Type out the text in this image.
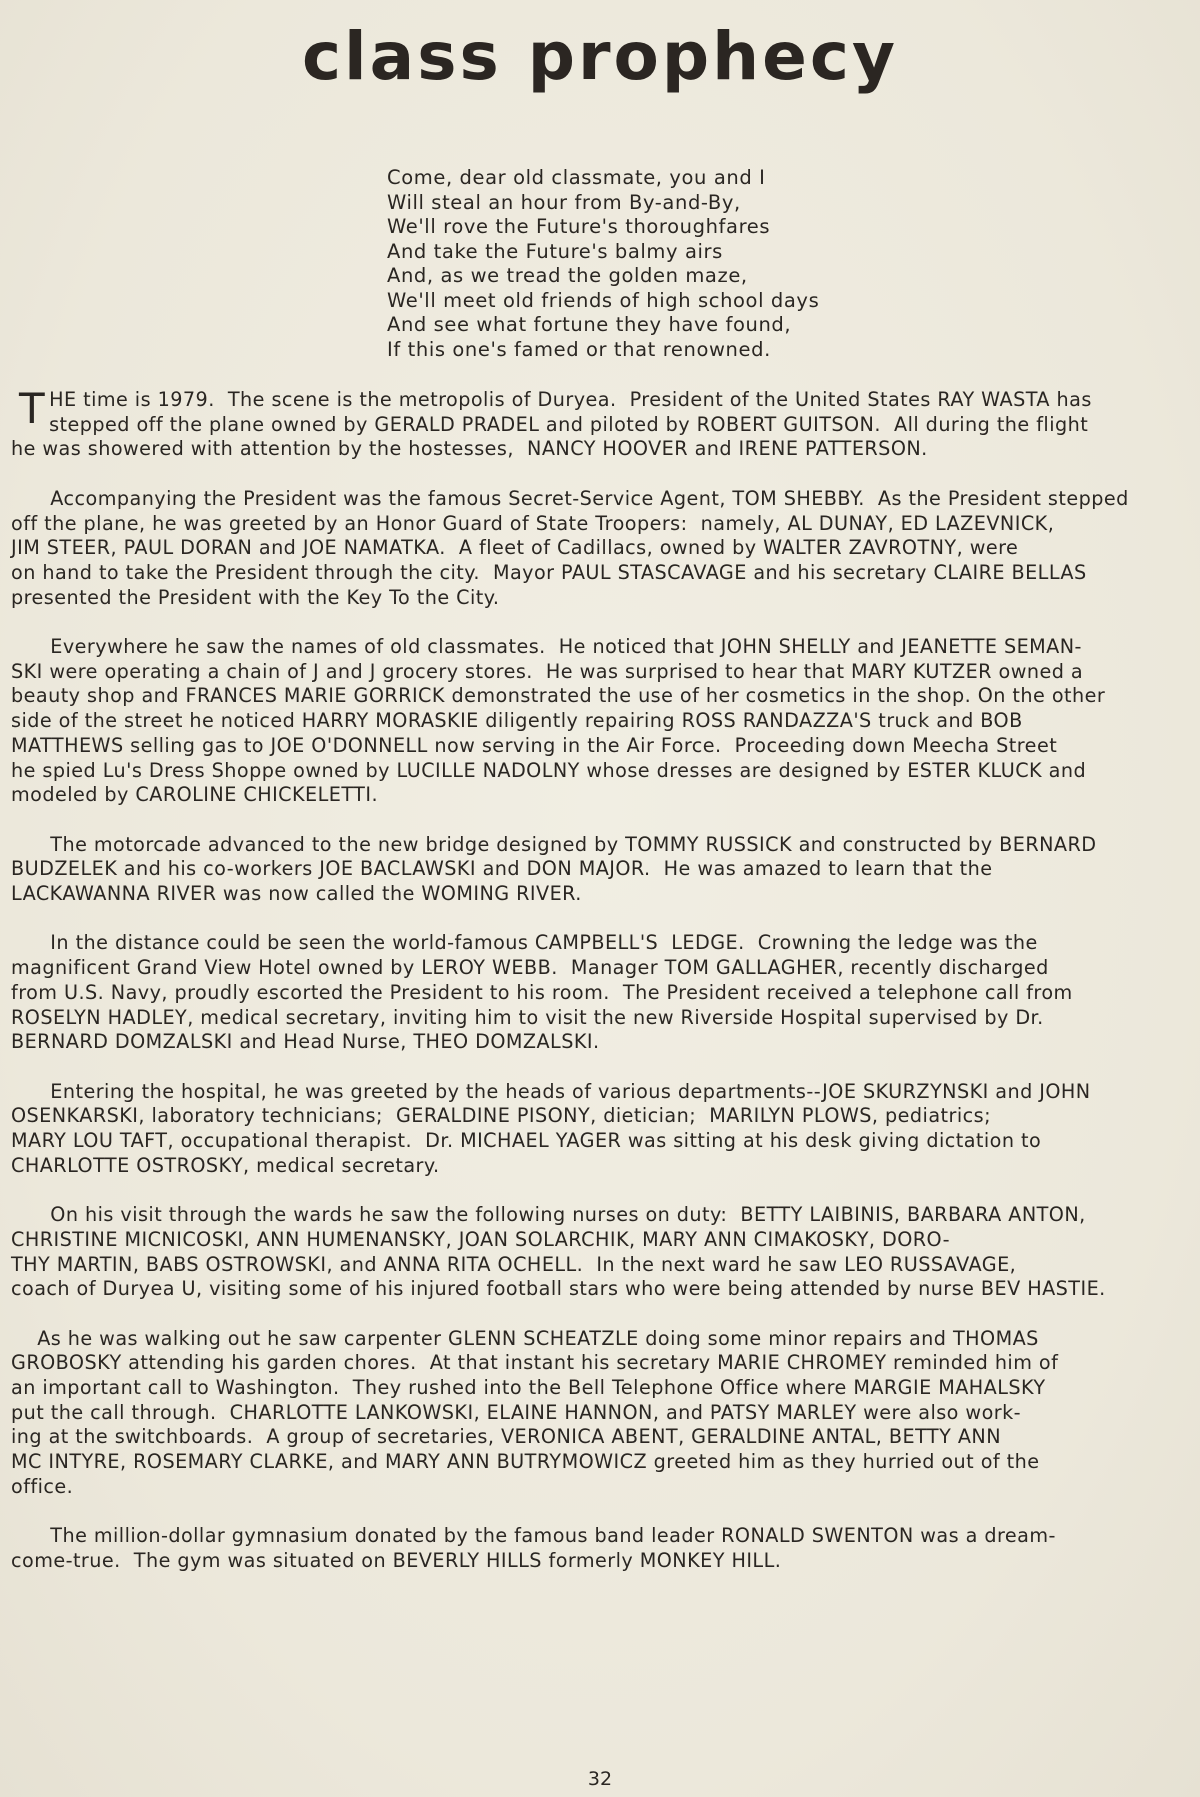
class prophecy
Come, dear old classmate, you and I
Will steal an hour from By-and-By,
We'll rove the Future's thoroughfares
And take the Future's balmy airs
And, as we tread the golden maze,
We'll meet old friends of high school days
And see what fortune they have found,
If this one's famed or that renowned.
T HE time is 1979.  The scene is the metropolis of Duryea.  President of the United States RAY WASTA has
stepped off the plane owned by GERALD PRADEL and piloted by ROBERT GUITSON.  All during the flight
he was showered with attention by the hostesses,  NANCY HOOVER and IRENE PATTERSON.
Accompanying the President was the famous Secret-Service Agent, TOM SHEBBY.  As the President stepped
off the plane, he was greeted by an Honor Guard of State Troopers:  namely, AL DUNAY, ED LAZEVNICK,
JIM STEER, PAUL DORAN and JOE NAMATKA.  A fleet of Cadillacs, owned by WALTER ZAVROTNY, were
on hand to take the President through the city.  Mayor PAUL STASCAVAGE and his secretary CLAIRE BELLAS
presented the President with the Key To the City.
Everywhere he saw the names of old classmates.  He noticed that JOHN SHELLY and JEANETTE SEMAN-
SKI were operating a chain of J and J grocery stores.  He was surprised to hear that MARY KUTZER owned a
beauty shop and FRANCES MARIE GORRICK demonstrated the use of her cosmetics in the shop. On the other
side of the street he noticed HARRY MORASKIE diligently repairing ROSS RANDAZZA'S truck and BOB
MATTHEWS selling gas to JOE O'DONNELL now serving in the Air Force.  Proceeding down Meecha Street
he spied Lu's Dress Shoppe owned by LUCILLE NADOLNY whose dresses are designed by ESTER KLUCK and
modeled by CAROLINE CHICKELETTI.
The motorcade advanced to the new bridge designed by TOMMY RUSSICK and constructed by BERNARD
BUDZELEK and his co-workers JOE BACLAWSKI and DON MAJOR.  He was amazed to learn that the
LACKAWANNA RIVER was now called the WOMING RIVER.
In the distance could be seen the world-famous CAMPBELL'S  LEDGE.  Crowning the ledge was the
magnificent Grand View Hotel owned by LEROY WEBB.  Manager TOM GALLAGHER, recently discharged
from U.S. Navy, proudly escorted the President to his room.  The President received a telephone call from
ROSELYN HADLEY, medical secretary, inviting him to visit the new Riverside Hospital supervised by Dr.
BERNARD DOMZALSKI and Head Nurse, THEO DOMZALSKI.
Entering the hospital, he was greeted by the heads of various departments--JOE SKURZYNSKI and JOHN
OSENKARSKI, laboratory technicians;  GERALDINE PISONY, dietician;  MARILYN PLOWS, pediatrics;
MARY LOU TAFT, occupational therapist.  Dr. MICHAEL YAGER was sitting at his desk giving dictation to
CHARLOTTE OSTROSKY, medical secretary.
On his visit through the wards he saw the following nurses on duty:  BETTY LAIBINIS, BARBARA ANTON,
CHRISTINE MICNICOSKI, ANN HUMENANSKY, JOAN SOLARCHIK, MARY ANN CIMAKOSKY, DORO-
THY MARTIN, BABS OSTROWSKI, and ANNA RITA OCHELL.  In the next ward he saw LEO RUSSAVAGE,
coach of Duryea U, visiting some of his injured football stars who were being attended by nurse BEV HASTIE.
As he was walking out he saw carpenter GLENN SCHEATZLE doing some minor repairs and THOMAS
GROBOSKY attending his garden chores.  At that instant his secretary MARIE CHROMEY reminded him of
an important call to Washington.  They rushed into the Bell Telephone Office where MARGIE MAHALSKY
put the call through.  CHARLOTTE LANKOWSKI, ELAINE HANNON, and PATSY MARLEY were also work-
ing at the switchboards.  A group of secretaries, VERONICA ABENT, GERALDINE ANTAL, BETTY ANN
MC INTYRE, ROSEMARY CLARKE, and MARY ANN BUTRYMOWICZ greeted him as they hurried out of the
office.
The million-dollar gymnasium donated by the famous band leader RONALD SWENTON was a dream-
come-true.  The gym was situated on BEVERLY HILLS formerly MONKEY HILL.
32
